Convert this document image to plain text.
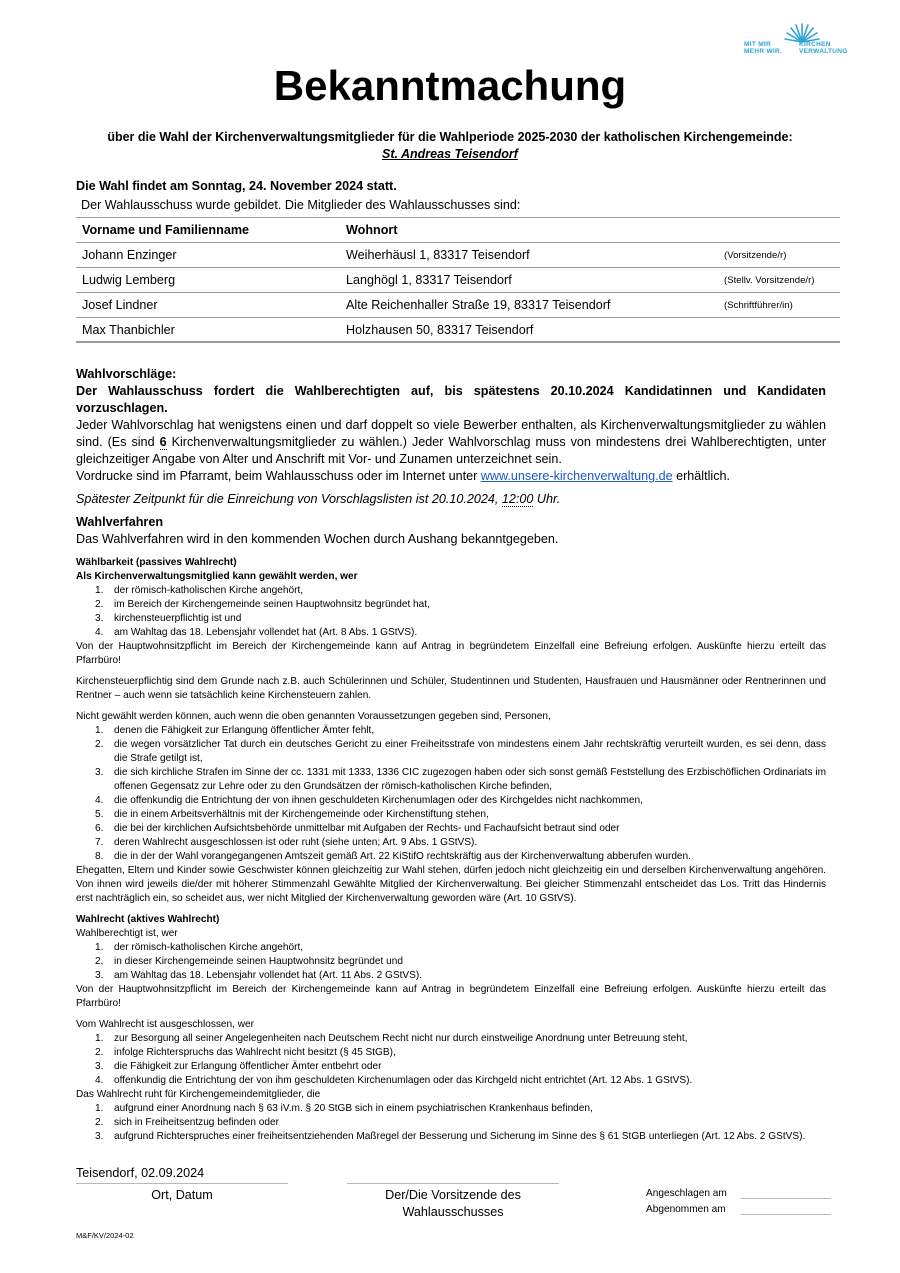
MIT MIR
MEHR WIR.
KIRCHEN
VERWALTUNG
Bekanntmachung
über die Wahl der Kirchenverwaltungsmitglieder für die Wahlperiode 2025-2030 der katholischen Kirchengemeinde:
St. Andreas Teisendorf
Die Wahl findet am Sonntag, 24. November 2024 statt.
Der Wahlausschuss wurde gebildet. Die Mitglieder des Wahlausschusses sind:
Vorname und Familienname	Wohnort	
Johann Enzinger	Weiherhäusl 1, 83317 Teisendorf	(Vorsitzende/r)
Ludwig Lemberg	Langhögl 1, 83317 Teisendorf	(Stellv. Vorsitzende/r)
Josef Lindner	Alte Reichenhaller Straße 19, 83317 Teisendorf	(Schriftführer/in)
Max Thanbichler	Holzhausen 50, 83317 Teisendorf	
Wahlvorschläge:
Der Wahlausschuss fordert die Wahlberechtigten auf, bis spätestens 20.10.2024 Kandidatinnen und Kandidaten vorzuschlagen.
Jeder Wahlvorschlag hat wenigstens einen und darf doppelt so viele Bewerber enthalten, als Kirchenverwaltungsmitglieder zu wählen sind. (Es sind 6 Kirchenverwaltungsmitglieder zu wählen.) Jeder Wahlvorschlag muss von mindestens drei Wahlberechtigten, unter gleichzeitiger Angabe von Alter und Anschrift mit Vor- und Zunamen unterzeichnet sein.
Vordrucke sind im Pfarramt, beim Wahlausschuss oder im Internet unter www.unsere-kirchenverwaltung.de erhältlich.
Spätester Zeitpunkt für die Einreichung von Vorschlagslisten ist 20.10.2024, 12:00 Uhr.
Wahlverfahren
Das Wahlverfahren wird in den kommenden Wochen durch Aushang bekanntgegeben.
Wählbarkeit (passives Wahlrecht)
Als Kirchenverwaltungsmitglied kann gewählt werden, wer
1. der römisch-katholischen Kirche angehört,
2. im Bereich der Kirchengemeinde seinen Hauptwohnsitz begründet hat,
3. kirchensteuerpflichtig ist und
4. am Wahltag das 18. Lebensjahr vollendet hat (Art. 8 Abs. 1 GStVS).
Von der Hauptwohnsitzpflicht im Bereich der Kirchengemeinde kann auf Antrag in begründetem Einzelfall eine Befreiung erfolgen. Auskünfte hierzu erteilt das Pfarrbüro!
Kirchensteuerpflichtig sind dem Grunde nach z.B. auch Schülerinnen und Schüler, Studentinnen und Studenten, Hausfrauen und Hausmänner oder Rentnerinnen und Rentner – auch wenn sie tatsächlich keine Kirchensteuern zahlen.
Nicht gewählt werden können, auch wenn die oben genannten Voraussetzungen gegeben sind, Personen,
1. denen die Fähigkeit zur Erlangung öffentlicher Ämter fehlt,
2. die wegen vorsätzlicher Tat durch ein deutsches Gericht zu einer Freiheitsstrafe von mindestens einem Jahr rechtskräftig verurteilt wurden, es sei denn, dass die Strafe getilgt ist,
3. die sich kirchliche Strafen im Sinne der cc. 1331 mit 1333, 1336 CIC zugezogen haben oder sich sonst gemäß Feststellung des Erzbischöflichen Ordinariats im offenen Gegensatz zur Lehre oder zu den Grundsätzen der römisch-katholischen Kirche befinden,
4. die offenkundig die Entrichtung der von ihnen geschuldeten Kirchenumlagen oder des Kirchgeldes nicht nachkommen,
5. die in einem Arbeitsverhältnis mit der Kirchengemeinde oder Kirchenstiftung stehen,
6. die bei der kirchlichen Aufsichtsbehörde unmittelbar mit Aufgaben der Rechts- und Fachaufsicht betraut sind oder
7. deren Wahlrecht ausgeschlossen ist oder ruht (siehe unten; Art. 9 Abs. 1 GStVS).
8. die in der der Wahl vorangegangenen Amtszeit gemäß Art. 22 KiStifO rechtskräftig aus der Kirchenverwaltung abberufen wurden.
Ehegatten, Eltern und Kinder sowie Geschwister können gleichzeitig zur Wahl stehen, dürfen jedoch nicht gleichzeitig ein und derselben Kirchenverwaltung angehören. Von ihnen wird jeweils die/der mit höherer Stimmenzahl Gewählte Mitglied der Kirchenverwaltung. Bei gleicher Stimmenzahl entscheidet das Los. Tritt das Hindernis erst nachträglich ein, so scheidet aus, wer nicht Mitglied der Kirchenverwaltung geworden wäre (Art. 10 GStVS).
Wahlrecht (aktives Wahlrecht)
Wahlberechtigt ist, wer
1. der römisch-katholischen Kirche angehört,
2. in dieser Kirchengemeinde seinen Hauptwohnsitz begründet und
3. am Wahltag das 18. Lebensjahr vollendet hat (Art. 11 Abs. 2 GStVS).
Von der Hauptwohnsitzpflicht im Bereich der Kirchengemeinde kann auf Antrag in begründetem Einzelfall eine Befreiung erfolgen. Auskünfte hierzu erteilt das Pfarrbüro!
Vom Wahlrecht ist ausgeschlossen, wer
1. zur Besorgung all seiner Angelegenheiten nach Deutschem Recht nicht nur durch einstweilige Anordnung unter Betreuung steht,
2. infolge Richterspruchs das Wahlrecht nicht besitzt (§ 45 StGB),
3. die Fähigkeit zur Erlangung öffentlicher Ämter entbehrt oder
4. offenkundig die Entrichtung der von ihm geschuldeten Kirchenumlagen oder das Kirchgeld nicht entrichtet (Art. 12 Abs. 1 GStVS).
Das Wahlrecht ruht für Kirchengemeindemitglieder, die
1. aufgrund einer Anordnung nach § 63 iV.m. § 20 StGB sich in einem psychiatrischen Krankenhaus befinden,
2. sich in Freiheitsentzug befinden oder
3. aufgrund Richterspruches einer freiheitsentziehenden Maßregel der Besserung und Sicherung im Sinne des § 61 StGB unterliegen (Art. 12 Abs. 2 GStVS).
Teisendorf, 02.09.2024
Ort, Datum	Der/Die Vorsitzende des
Wahlausschusses
Angeschlagen am
Abgenommen am
M&F/KV/2024-02
